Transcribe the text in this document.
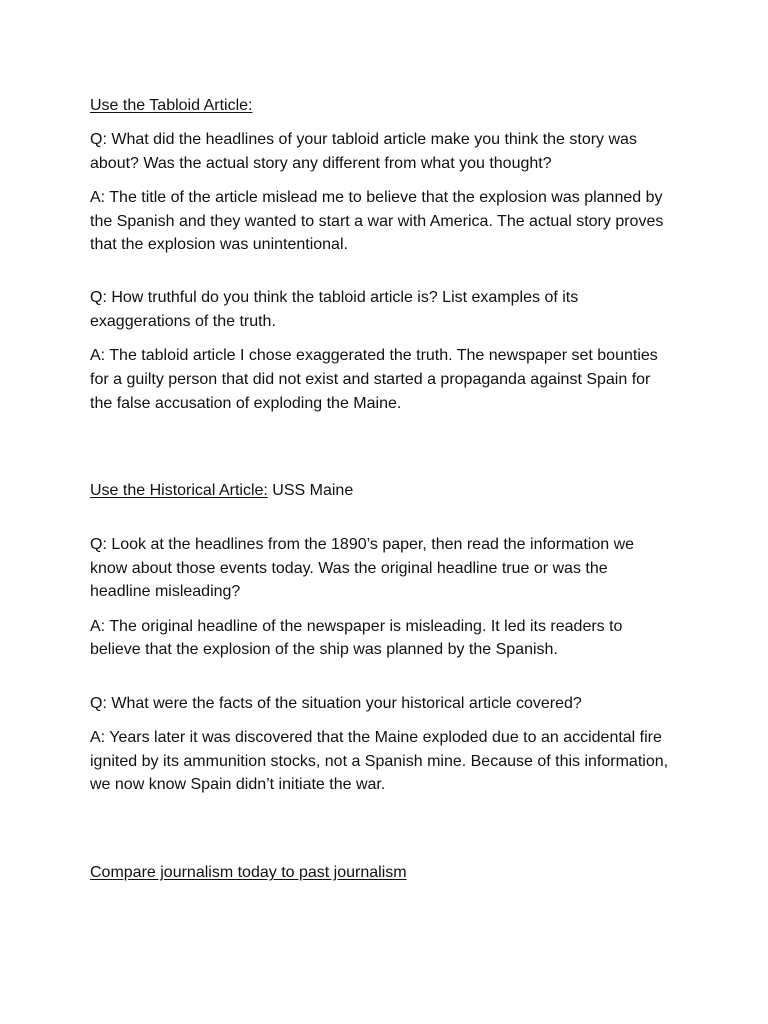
Use the Tabloid Article:
Q: What did the headlines of your tabloid article make you think the story was
about? Was the actual story any different from what you thought?
A: The title of the article mislead me to believe that the explosion was planned by
the Spanish and they wanted to start a war with America. The actual story proves
that the explosion was unintentional.
Q: How truthful do you think the tabloid article is? List examples of its
exaggerations of the truth.
A: The tabloid article I chose exaggerated the truth. The newspaper set bounties
for a guilty person that did not exist and started a propaganda against Spain for
the false accusation of exploding the Maine.
Use the Historical Article: USS Maine
Q: Look at the headlines from the 1890’s paper, then read the information we
know about those events today. Was the original headline true or was the
headline misleading?
A: The original headline of the newspaper is misleading. It led its readers to
believe that the explosion of the ship was planned by the Spanish.
Q: What were the facts of the situation your historical article covered?
A: Years later it was discovered that the Maine exploded due to an accidental fire
ignited by its ammunition stocks, not a Spanish mine. Because of this information,
we now know Spain didn’t initiate the war.
Compare journalism today to past journalism
